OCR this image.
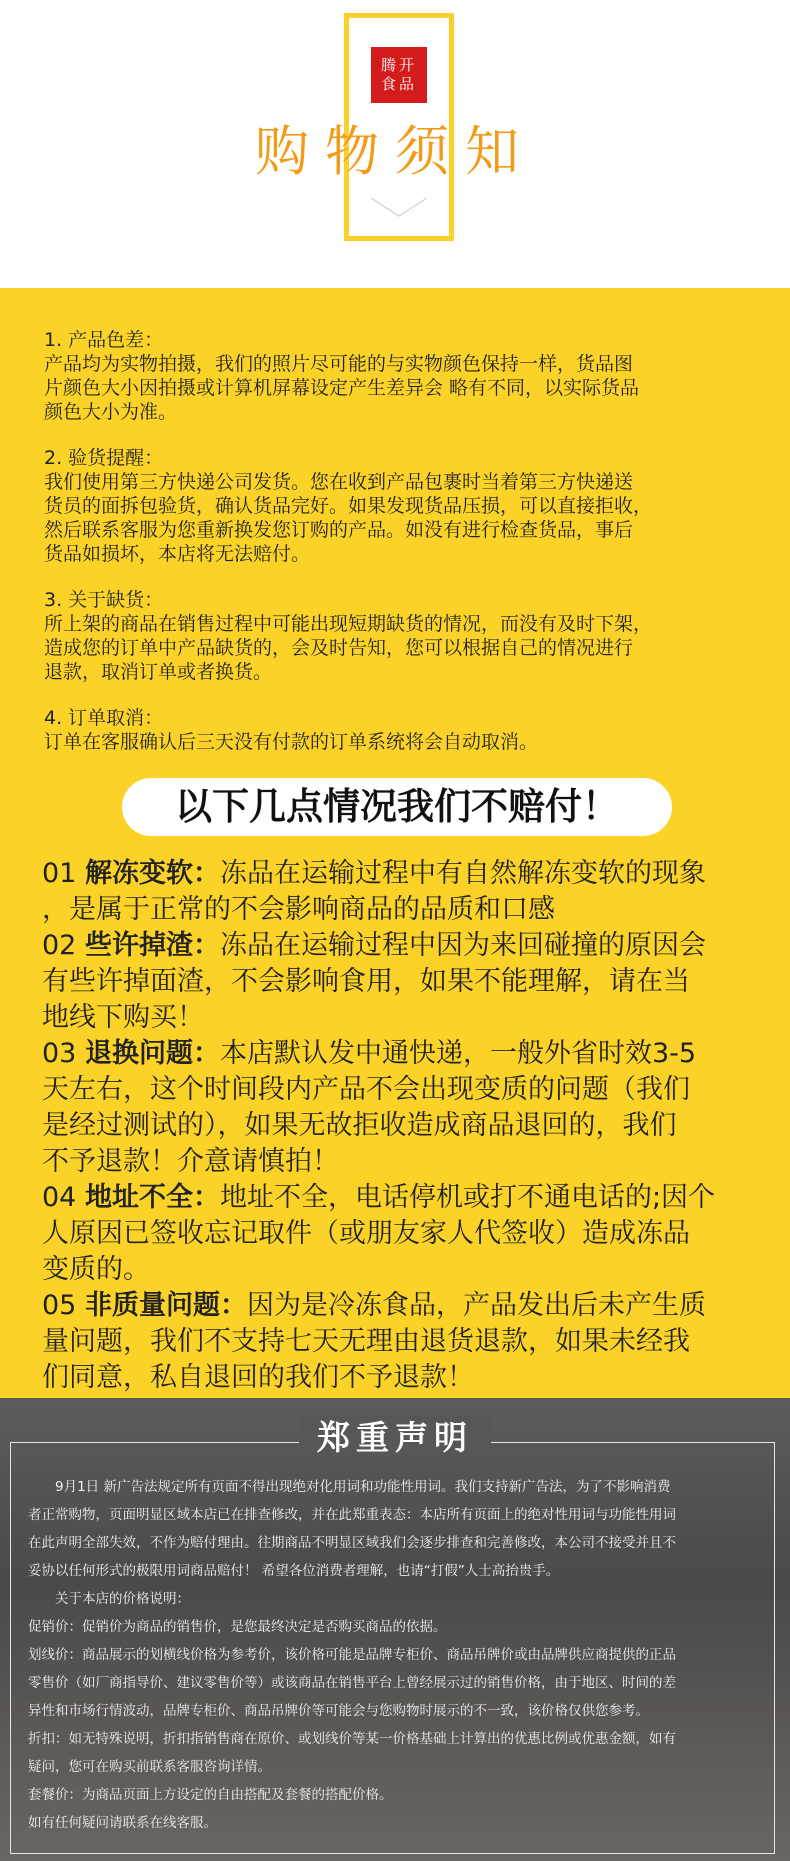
腾开
食品
购物须知
1. 产品色差：
产品均为实物拍摄，我们的照片尽可能的与实物颜色保持一样，货品图
片颜色大小因拍摄或计算机屏幕设定产生差异会 略有不同，以实际货品
颜色大小为准。
2. 验货提醒：
我们使用第三方快递公司发货。您在收到产品包裹时当着第三方快递送
货员的面拆包验货，确认货品完好。如果发现货品压损，可以直接拒收，
然后联系客服为您重新换发您订购的产品。如没有进行检查货品，事后
货品如损坏，本店将无法赔付。
3. 关于缺货：
所上架的商品在销售过程中可能出现短期缺货的情况，而没有及时下架，
造成您的订单中产品缺货的，会及时告知，您可以根据自己的情况进行
退款，取消订单或者换货。
4. 订单取消：
订单在客服确认后三天没有付款的订单系统将会自动取消。
以下几点情况我们不赔付！
01 解冻变软：冻品在运输过程中有自然解冻变软的现象
，是属于正常的不会影响商品的品质和口感
02 些许掉渣：冻品在运输过程中因为来回碰撞的原因会
有些许掉面渣，不会影响食用，如果不能理解，请在当
地线下购买！
03 退换问题：本店默认发中通快递，一般外省时效3-5
天左右，这个时间段内产品不会出现变质的问题（我们
是经过测试的），如果无故拒收造成商品退回的，我们
不予退款！介意请慎拍！
04 地址不全：地址不全，电话停机或打不通电话的;因个
人原因已签收忘记取件（或朋友家人代签收）造成冻品
变质的。
05 非质量问题：因为是冷冻食品，产品发出后未产生质
量问题，我们不支持七天无理由退货退款，如果未经我
们同意，私自退回的我们不予退款！
郑重声明
　　9月1日 新广告法规定所有页面不得出现绝对化用词和功能性用词。我们支持新广告法，为了不影响消费
者正常购物，页面明显区域本店已在排查修改，并在此郑重表态：本店所有页面上的绝对性用词与功能性用词
在此声明全部失效，不作为赔付理由。往期商品不明显区域我们会逐步排查和完善修改，本公司不接受并且不
妥协以任何形式的极限用词商品赔付！ 希望各位消费者理解，也请“打假”人士高抬贵手。
　　关于本店的价格说明：
促销价：促销价为商品的销售价，是您最终决定是否购买商品的依据。
划线价：商品展示的划横线价格为参考价，该价格可能是品牌专柜价、商品吊牌价或由品牌供应商提供的正品
零售价（如厂商指导价、建议零售价等）或该商品在销售平台上曾经展示过的销售价格，由于地区、时间的差
异性和市场行情波动，品牌专柜价、商品吊牌价等可能会与您购物时展示的不一致，该价格仅供您参考。
折扣：如无特殊说明，折扣指销售商在原价、或划线价等某一价格基础上计算出的优惠比例或优惠金额，如有
疑问，您可在购买前联系客服咨询详情。
套餐价：为商品页面上方设定的自由搭配及套餐的搭配价格。
如有任何疑问请联系在线客服。
